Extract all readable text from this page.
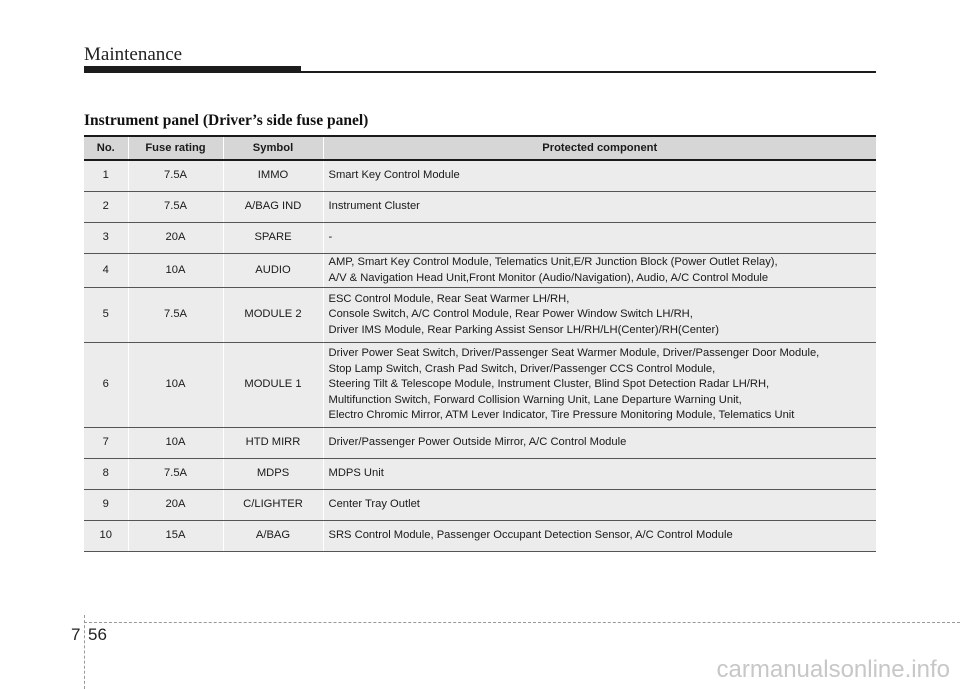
Maintenance
Instrument panel (Driver’s side fuse panel)
No.	Fuse rating	Symbol	Protected component
1	7.5A	IMMO	Smart Key Control Module

2	7.5A	A/BAG IND	Instrument Cluster

3	20A	SPARE	-

4	10A	AUDIO	AMP, Smart Key Control Module, Telematics Unit,E/R Junction Block (Power Outlet Relay),
A/V & Navigation Head Unit,Front Monitor (Audio/Navigation), Audio, A/C Control Module

5	7.5A	MODULE 2	ESC Control Module, Rear Seat Warmer LH/RH,
Console Switch, A/C Control Module, Rear Power Window Switch LH/RH,
Driver IMS Module, Rear Parking Assist Sensor LH/RH/LH(Center)/RH(Center)

6	10A	MODULE 1	Driver Power Seat Switch, Driver/Passenger Seat Warmer Module, Driver/Passenger Door Module,
Stop Lamp Switch, Crash Pad Switch, Driver/Passenger CCS Control Module,
Steering Tilt & Telescope Module, Instrument Cluster, Blind Spot Detection Radar LH/RH,
Multifunction Switch, Forward Collision Warning Unit, Lane Departure Warning Unit,
Electro Chromic Mirror, ATM Lever Indicator, Tire Pressure Monitoring Module, Telematics Unit

7	10A	HTD MIRR	Driver/Passenger Power Outside Mirror, A/C Control Module

8	7.5A	MDPS	MDPS Unit

9	20A	C/LIGHTER	Center Tray Outlet

10	15A	A/BAG	SRS Control Module, Passenger Occupant Detection Sensor, A/C Control Module
7 56
carmanualsonline.info
